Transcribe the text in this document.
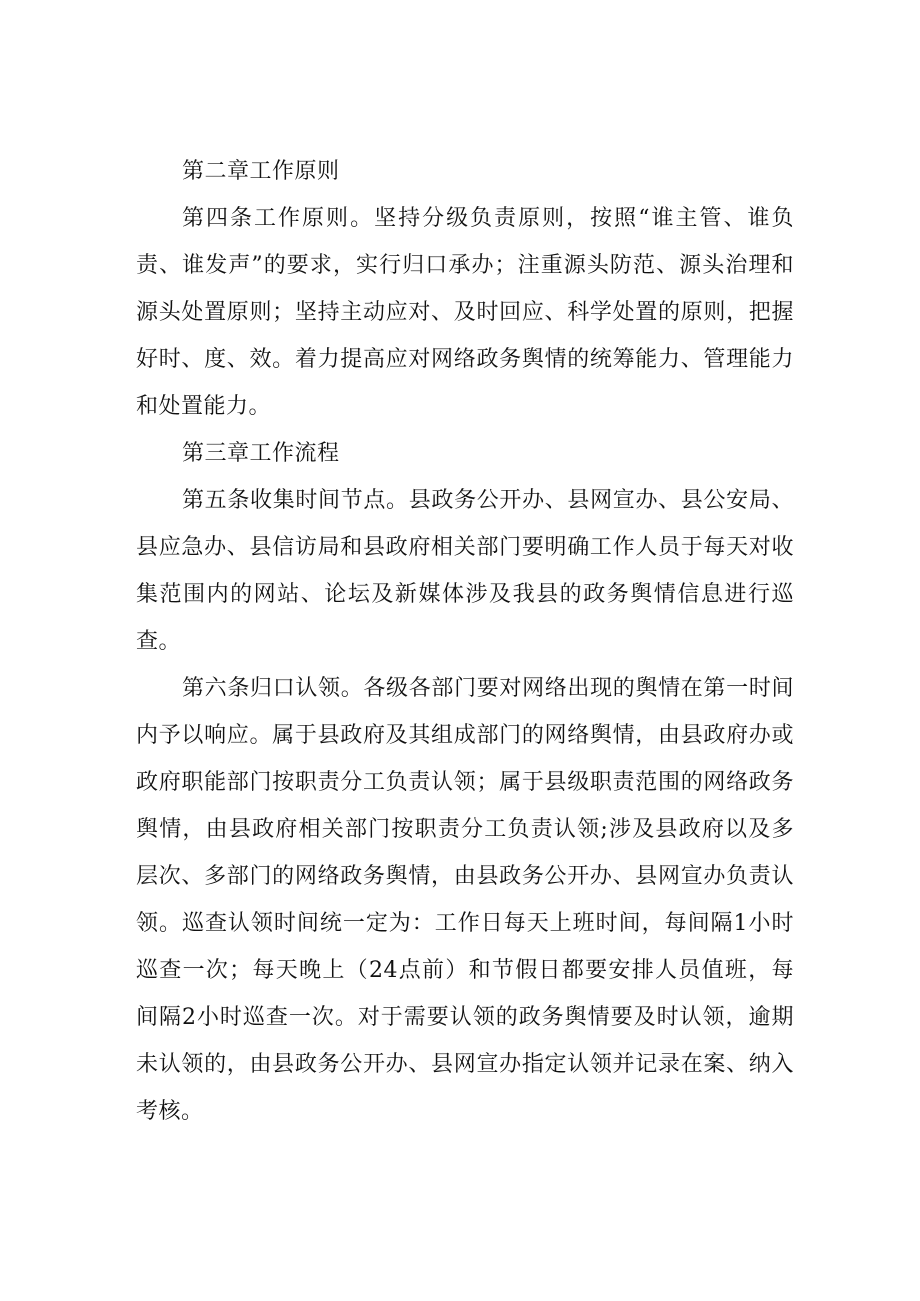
第二章工作原则

第四条工作原则。坚持分级负责原则，按照“谁主管、谁负责、谁发声”的要求，实行归口承办；注重源头防范、源头治理和源头处置原则；坚持主动应对、及时回应、科学处置的原则，把握好时、度、效。着力提高应对网络政务舆情的统筹能力、管理能力和处置能力。

第三章工作流程

第五条收集时间节点。县政务公开办、县网宣办、县公安局、县应急办、县信访局和县政府相关部门要明确工作人员于每天对收集范围内的网站、论坛及新媒体涉及我县的政务舆情信息进行巡查。

第六条归口认领。各级各部门要对网络出现的舆情在第一时间内予以响应。属于县政府及其组成部门的网络舆情，由县政府办或政府职能部门按职责分工负责认领；属于县级职责范围的网络政务舆情，由县政府相关部门按职责分工负责认领;涉及县政府以及多层次、多部门的网络政务舆情，由县政务公开办、县网宣办负责认领。巡查认领时间统一定为：工作日每天上班时间，每间隔1小时巡查一次；每天晚上（24点前）和节假日都要安排人员值班，每间隔2小时巡查一次。对于需要认领的政务舆情要及时认领，逾期未认领的，由县政务公开办、县网宣办指定认领并记录在案、纳入考核。
